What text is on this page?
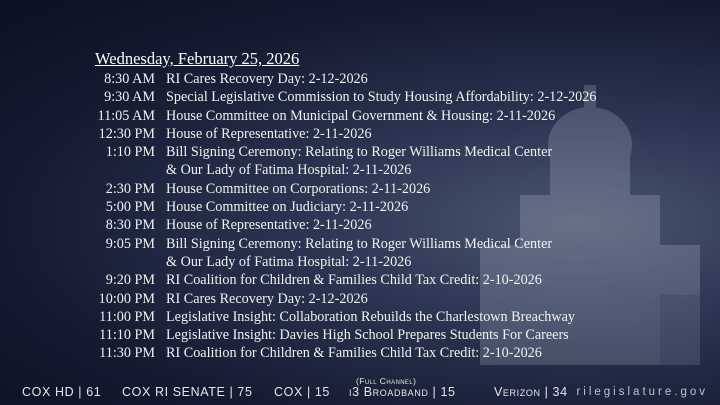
Wednesday, February 25, 2026
8:30 AM RI Cares Recovery Day: 2-12-2026
9:30 AM Special Legislative Commission to Study Housing Affordability: 2-12-2026
11:05 AM House Committee on Municipal Government & Housing: 2-11-2026
12:30 PM House of Representative: 2-11-2026
1:10 PM Bill Signing Ceremony: Relating to Roger Williams Medical Center
& Our Lady of Fatima Hospital: 2-11-2026
2:30 PM House Committee on Corporations: 2-11-2026
5:00 PM House Committee on Judiciary: 2-11-2026
8:30 PM House of Representative: 2-11-2026
9:05 PM Bill Signing Ceremony: Relating to Roger Williams Medical Center
& Our Lady of Fatima Hospital: 2-11-2026
9:20 PM RI Coalition for Children & Families Child Tax Credit: 2-10-2026
10:00 PM RI Cares Recovery Day: 2-12-2026
11:00 PM Legislative Insight: Collaboration Rebuilds the Charlestown Breachway
11:10 PM Legislative Insight: Davies High School Prepares Students For Careers
11:30 PM RI Coalition for Children & Families Child Tax Credit: 2-10-2026
(Full Channel)
COX HD | 61 COX RI SENATE | 75 COX | 15 i3 Broadband | 15	Verizon | 34 rilegislature.gov
